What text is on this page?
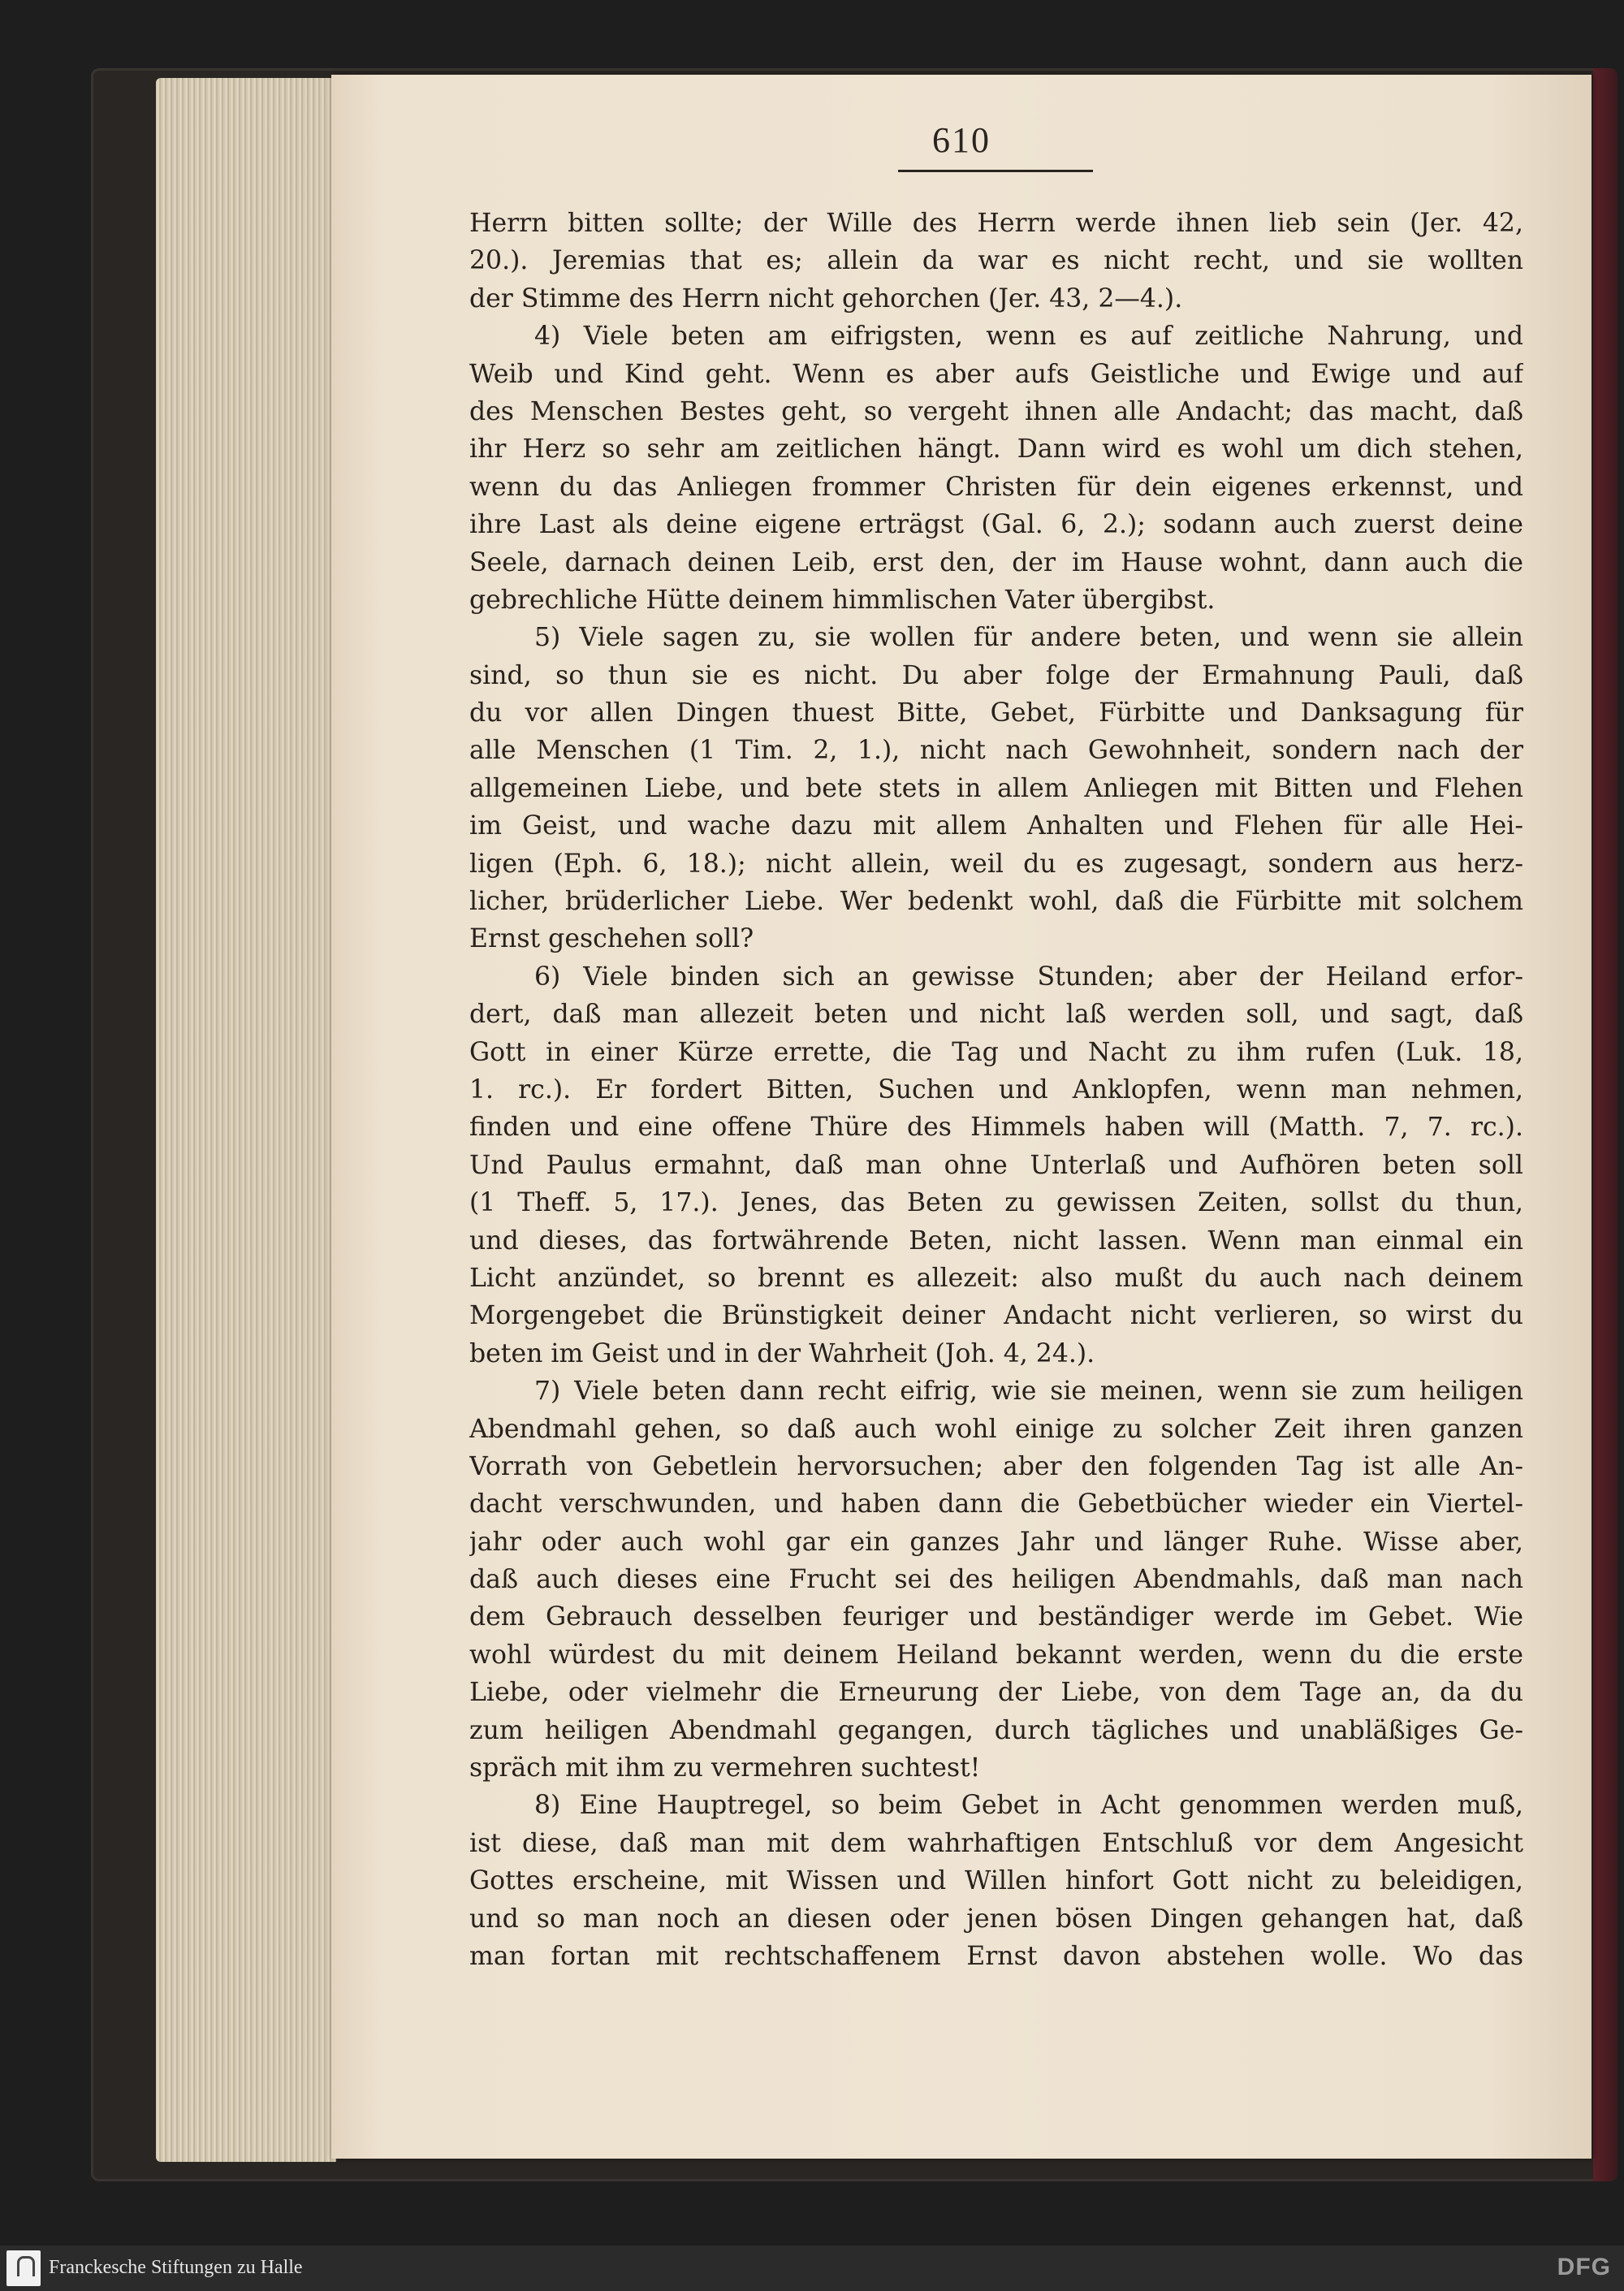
610
Herrn bitten sollte; der Wille des Herrn werde ihnen lieb sein (Jer. 42,
20.). Jeremias that es; allein da war es nicht recht, und sie wollten
der Stimme des Herrn nicht gehorchen (Jer. 43, 2—4.).
4) Viele beten am eifrigsten, wenn es auf zeitliche Nahrung, und
Weib und Kind geht. Wenn es aber aufs Geistliche und Ewige und auf
des Menschen Bestes geht, so vergeht ihnen alle Andacht; das macht, daß
ihr Herz so sehr am zeitlichen hängt. Dann wird es wohl um dich stehen,
wenn du das Anliegen frommer Christen für dein eigenes erkennst, und
ihre Last als deine eigene erträgst (Gal. 6, 2.); sodann auch zuerst deine
Seele, darnach deinen Leib, erst den, der im Hause wohnt, dann auch die
gebrechliche Hütte deinem himmlischen Vater übergibst.
5) Viele sagen zu, sie wollen für andere beten, und wenn sie allein
sind, so thun sie es nicht. Du aber folge der Ermahnung Pauli, daß
du vor allen Dingen thuest Bitte, Gebet, Fürbitte und Danksagung für
alle Menschen (1 Tim. 2, 1.), nicht nach Gewohnheit, sondern nach der
allgemeinen Liebe, und bete stets in allem Anliegen mit Bitten und Flehen
im Geist, und wache dazu mit allem Anhalten und Flehen für alle Hei-
ligen (Eph. 6, 18.); nicht allein, weil du es zugesagt, sondern aus herz-
licher, brüderlicher Liebe. Wer bedenkt wohl, daß die Fürbitte mit solchem
Ernst geschehen soll?
6) Viele binden sich an gewisse Stunden; aber der Heiland erfor-
dert, daß man allezeit beten und nicht laß werden soll, und sagt, daß
Gott in einer Kürze errette, die Tag und Nacht zu ihm rufen (Luk. 18,
1. rc.). Er fordert Bitten, Suchen und Anklopfen, wenn man nehmen,
finden und eine offene Thüre des Himmels haben will (Matth. 7, 7. rc.).
Und Paulus ermahnt, daß man ohne Unterlaß und Aufhören beten soll
(1 Theff. 5, 17.). Jenes, das Beten zu gewissen Zeiten, sollst du thun,
und dieses, das fortwährende Beten, nicht lassen. Wenn man einmal ein
Licht anzündet, so brennt es allezeit: also mußt du auch nach deinem
Morgengebet die Brünstigkeit deiner Andacht nicht verlieren, so wirst du
beten im Geist und in der Wahrheit (Joh. 4, 24.).
7) Viele beten dann recht eifrig, wie sie meinen, wenn sie zum heiligen
Abendmahl gehen, so daß auch wohl einige zu solcher Zeit ihren ganzen
Vorrath von Gebetlein hervorsuchen; aber den folgenden Tag ist alle An-
dacht verschwunden, und haben dann die Gebetbücher wieder ein Viertel-
jahr oder auch wohl gar ein ganzes Jahr und länger Ruhe. Wisse aber,
daß auch dieses eine Frucht sei des heiligen Abendmahls, daß man nach
dem Gebrauch desselben feuriger und beständiger werde im Gebet. Wie
wohl würdest du mit deinem Heiland bekannt werden, wenn du die erste
Liebe, oder vielmehr die Erneurung der Liebe, von dem Tage an, da du
zum heiligen Abendmahl gegangen, durch tägliches und unabläßiges Ge-
spräch mit ihm zu vermehren suchtest!
8) Eine Hauptregel, so beim Gebet in Acht genommen werden muß,
ist diese, daß man mit dem wahrhaftigen Entschluß vor dem Angesicht
Gottes erscheine, mit Wissen und Willen hinfort Gott nicht zu beleidigen,
und so man noch an diesen oder jenen bösen Dingen gehangen hat, daß
man fortan mit rechtschaffenem Ernst davon abstehen wolle. Wo das
Franckesche Stiftungen zu Halle	DFG
